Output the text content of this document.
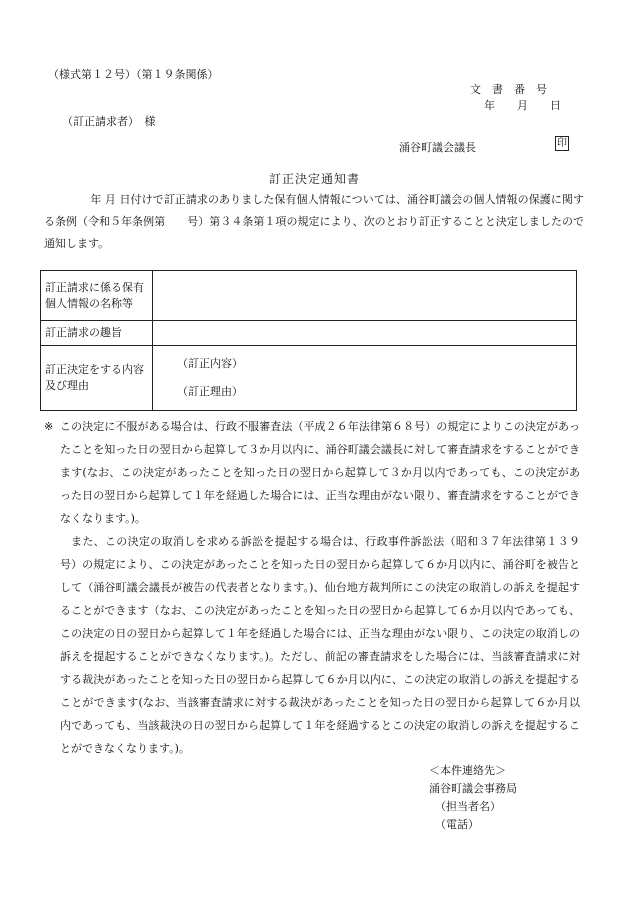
（様式第１２号）（第１９条関係）
文　書　番　号
年　　月　　日
（訂正請求者）　様
涌谷町議会議長	印
訂正決定通知書

年 月 日付けで訂正請求のありました保有個人情報については、涌谷町議会の個人情報の保護に関する条例（令和５年条例第　　号）第３４条第１項の規定により、次のとおり訂正することと決定しましたので通知します。

訂正請求に係る保有個人情報の名称等	
訂正請求の趣旨	
訂正決定をする内容及び理由	（訂正内容）
（訂正理由）
※ この決定に不服がある場合は、行政不服審査法（平成２６年法律第６８号）の規定によりこの決定があったことを知った日の翌日から起算して３か月以内に、涌谷町議会議長に対して審査請求をすることができます(なお、この決定があったことを知った日の翌日から起算して３か月以内であっても、この決定があった日の翌日から起算して１年を経過した場合には、正当な理由がない限り、審査請求をすることができなくなります。)。
また、この決定の取消しを求める訴訟を提起する場合は、行政事件訴訟法（昭和３７年法律第１３９号）の規定により、この決定があったことを知った日の翌日から起算して６か月以内に、涌谷町を被告として（涌谷町議会議長が被告の代表者となります。)、仙台地方裁判所にこの決定の取消しの訴えを提起することができます（なお、この決定があったことを知った日の翌日から起算して６か月以内であっても、この決定の日の翌日から起算して１年を経過した場合には、正当な理由がない限り、この決定の取消しの訴えを提起することができなくなります。)。ただし、前記の審査請求をした場合には、当該審査請求に対する裁決があったことを知った日の翌日から起算して６か月以内に、この決定の取消しの訴えを提起することができます(なお、当該審査請求に対する裁決があったことを知った日の翌日から起算して６か月以内であっても、当該裁決の日の翌日から起算して１年を経過するとこの決定の取消しの訴えを提起することができなくなります。)。
＜本件連絡先＞
涌谷町議会事務局
（担当者名）
（電話）
